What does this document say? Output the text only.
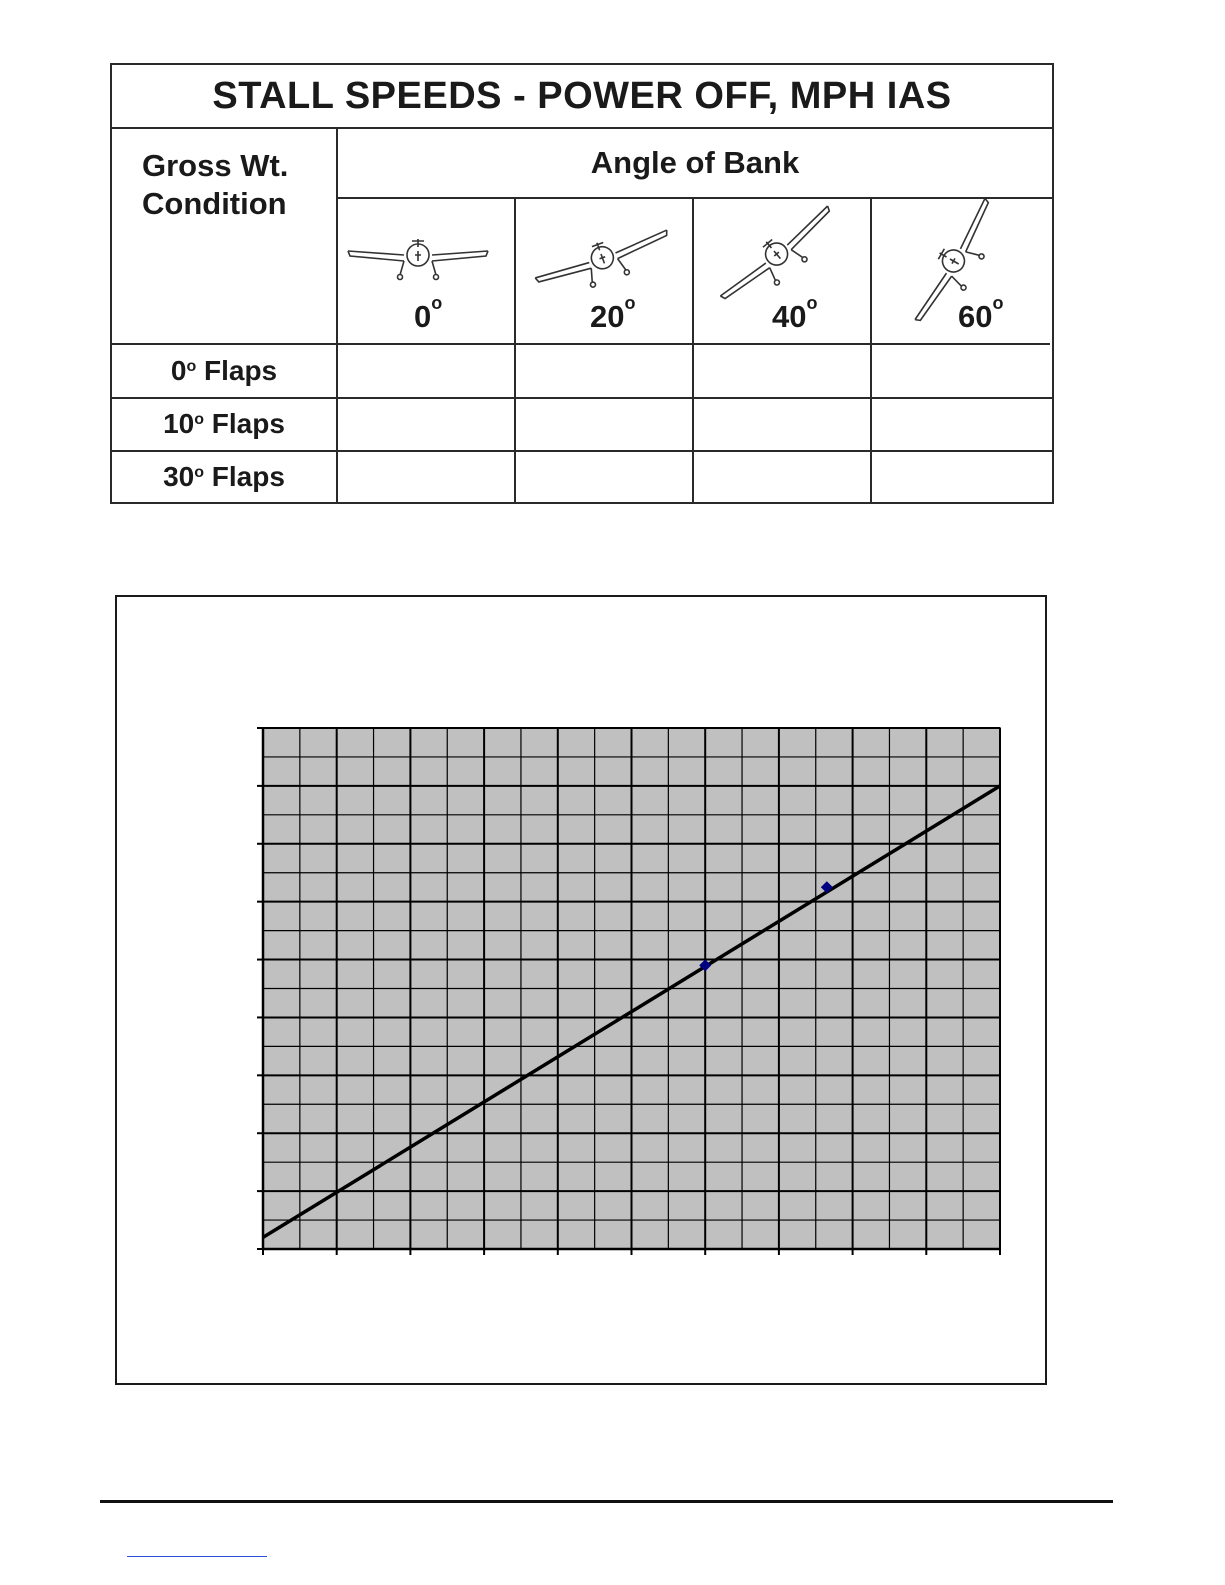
STALL SPEEDS - POWER OFF, MPH IAS
Gross Wt.
Condition
Angle of Bank
0$^o$	20$^o$	40$^o$	60$^o$
0$^o$ Flaps
10$^o$ Flaps
30$^o$ Flaps
